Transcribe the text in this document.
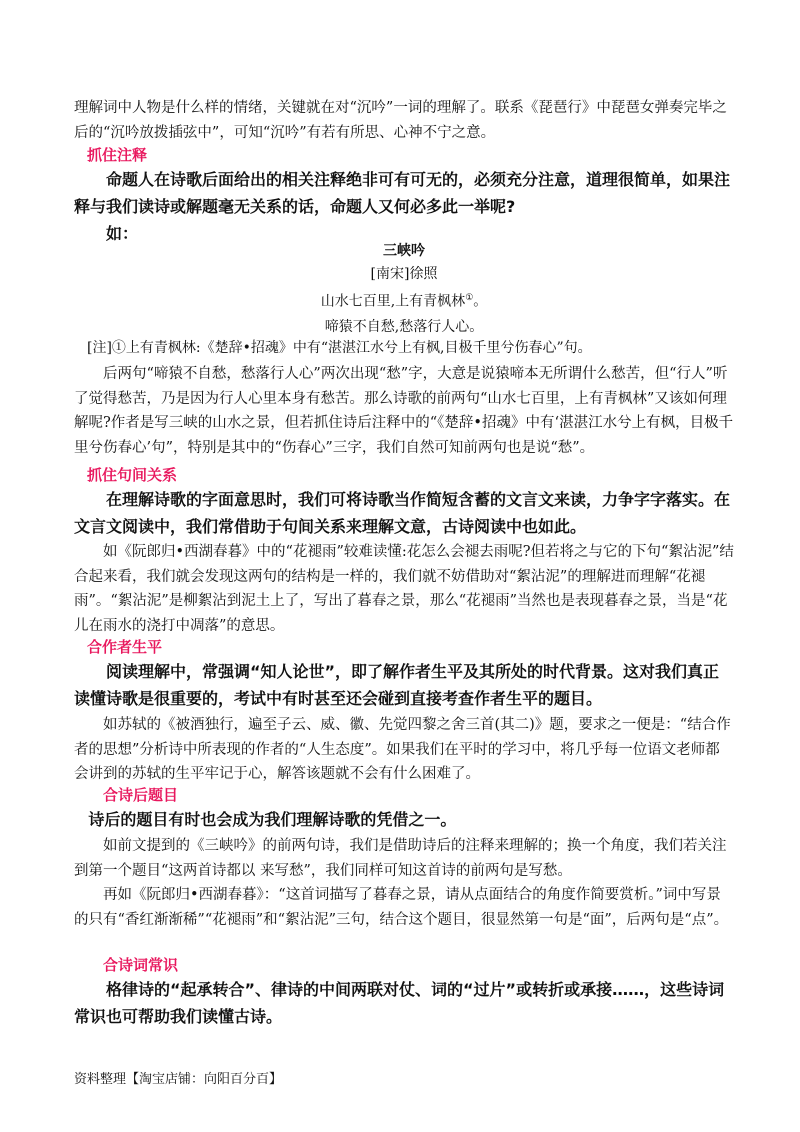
理解词中人物是什么样的情绪，关键就在对“沉吟”一词的理解了。联系《琵琶行》中琵琶女弹奏完毕之后的“沉吟放拨插弦中”，可知“沉吟”有若有所思、心神不宁之意。

抓住注释

命题人在诗歌后面给出的相关注释绝非可有可无的，必须充分注意，道理很简单，如果注释与我们读诗或解题毫无关系的话，命题人又何必多此一举呢?

如：

三峡吟

[南宋]徐照

山水七百里,上有青枫林①。

啼猿不自愁,愁落行人心。

[注]①上有青枫林:《楚辞•招魂》中有“湛湛江水兮上有枫,目极千里兮伤春心”句。

后两句“啼猿不自愁，愁落行人心”两次出现“愁”字，大意是说猿啼本无所谓什么愁苦，但“行人”听了觉得愁苦，乃是因为行人心里本身有愁苦。那么诗歌的前两句“山水七百里，上有青枫林”又该如何理解呢?作者是写三峡的山水之景，但若抓住诗后注释中的“《楚辞•招魂》中有‘湛湛江水兮上有枫，目极千里兮伤春心’句”，特别是其中的“伤春心”三字，我们自然可知前两句也是说“愁”。

抓住句间关系

在理解诗歌的字面意思时，我们可将诗歌当作简短含蓄的文言文来读，力争字字落实。在文言文阅读中，我们常借助于句间关系来理解文意，古诗阅读中也如此。

如《阮郎归•西湖春暮》中的“花褪雨”较难读懂:花怎么会褪去雨呢?但若将之与它的下句“絮沾泥”结合起来看，我们就会发现这两句的结构是一样的，我们就不妨借助对“絮沾泥”的理解进而理解“花褪雨”。“絮沾泥”是柳絮沾到泥土上了，写出了暮春之景，那么“花褪雨”当然也是表现暮春之景，当是“花儿在雨水的浇打中凋落”的意思。

合作者生平

阅读理解中，常强调“知人论世”，即了解作者生平及其所处的时代背景。这对我们真正读懂诗歌是很重要的，考试中有时甚至还会碰到直接考查作者生平的题目。

如苏轼的《被酒独行，遍至子云、威、徽、先觉四黎之舍三首(其二)》题，要求之一便是：“结合作者的思想”分析诗中所表现的作者的“人生态度”。如果我们在平时的学习中，将几乎每一位语文老师都会讲到的苏轼的生平牢记于心，解答该题就不会有什么困难了。

合诗后题目

诗后的题目有时也会成为我们理解诗歌的凭借之一。

如前文提到的《三峡吟》的前两句诗，我们是借助诗后的注释来理解的；换一个角度，我们若关注到第一个题目“这两首诗都以 来写愁”，我们同样可知这首诗的前两句是写愁。

再如《阮郎归•西湖春暮》：“这首词描写了暮春之景，请从点面结合的角度作简要赏析。”词中写景的只有“香红渐渐稀”“花褪雨”和“絮沾泥”三句，结合这个题目，很显然第一句是“面”，后两句是“点”。

合诗词常识

格律诗的“起承转合”、律诗的中间两联对仗、词的“过片”或转折或承接……，这些诗词常识也可帮助我们读懂古诗。

资料整理【淘宝店铺：向阳百分百】
